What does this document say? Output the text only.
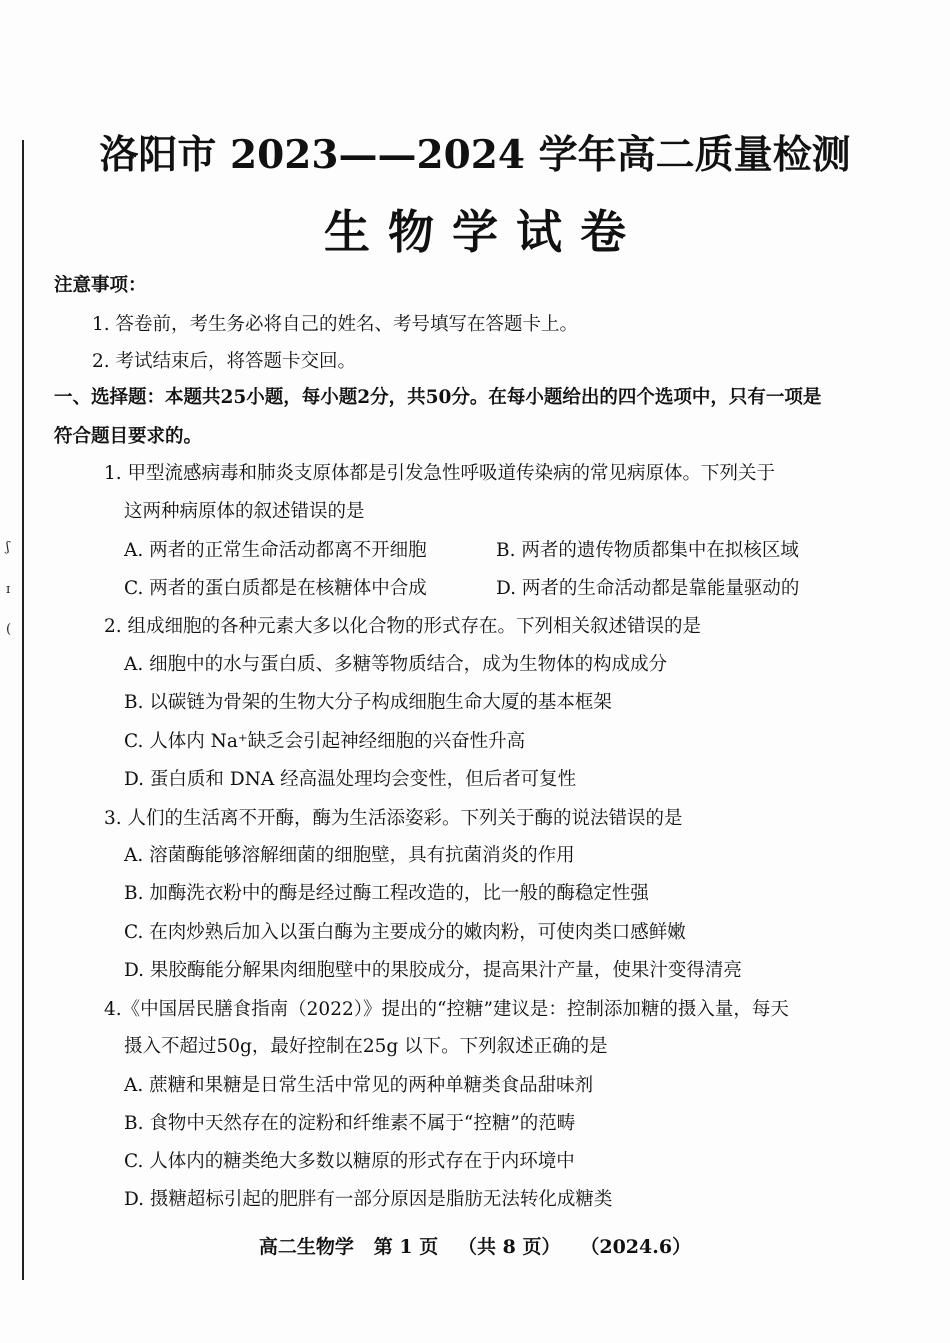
ʃ
ɪ
(
洛阳市 2023——2024 学年高二质量检测
生物学试卷
注意事项：
1. 答卷前，考生务必将自己的姓名、考号填写在答题卡上。
2. 考试结束后，将答题卡交回。
一、选择题：本题共25小题，每小题2分，共50分。在每小题给出的四个选项中，只有一项是
符合题目要求的。
1. 甲型流感病毒和肺炎支原体都是引发急性呼吸道传染病的常见病原体。下列关于
这两种病原体的叙述错误的是
A. 两者的正常生命活动都离不开细胞	B. 两者的遗传物质都集中在拟核区域
C. 两者的蛋白质都是在核糖体中合成	D. 两者的生命活动都是靠能量驱动的
2. 组成细胞的各种元素大多以化合物的形式存在。下列相关叙述错误的是
A. 细胞中的水与蛋白质、多糖等物质结合，成为生物体的构成成分
B. 以碳链为骨架的生物大分子构成细胞生命大厦的基本框架
C. 人体内 Na⁺缺乏会引起神经细胞的兴奋性升高
D. 蛋白质和 DNA 经高温处理均会变性，但后者可复性
3. 人们的生活离不开酶，酶为生活添姿彩。下列关于酶的说法错误的是
A. 溶菌酶能够溶解细菌的细胞壁，具有抗菌消炎的作用
B. 加酶洗衣粉中的酶是经过酶工程改造的，比一般的酶稳定性强
C. 在肉炒熟后加入以蛋白酶为主要成分的嫩肉粉，可使肉类口感鲜嫩
D. 果胶酶能分解果肉细胞壁中的果胶成分，提高果汁产量，使果汁变得清亮
4.《中国居民膳食指南（2022）》提出的“控糖”建议是：控制添加糖的摄入量，每天
摄入不超过50g，最好控制在25g 以下。下列叙述正确的是
A. 蔗糖和果糖是日常生活中常见的两种单糖类食品甜味剂
B. 食物中天然存在的淀粉和纤维素不属于“控糖”的范畴
C. 人体内的糖类绝大多数以糖原的形式存在于内环境中
D. 摄糖超标引起的肥胖有一部分原因是脂肪无法转化成糖类
高二生物学   第 1 页   （共 8 页）   （2024.6）
